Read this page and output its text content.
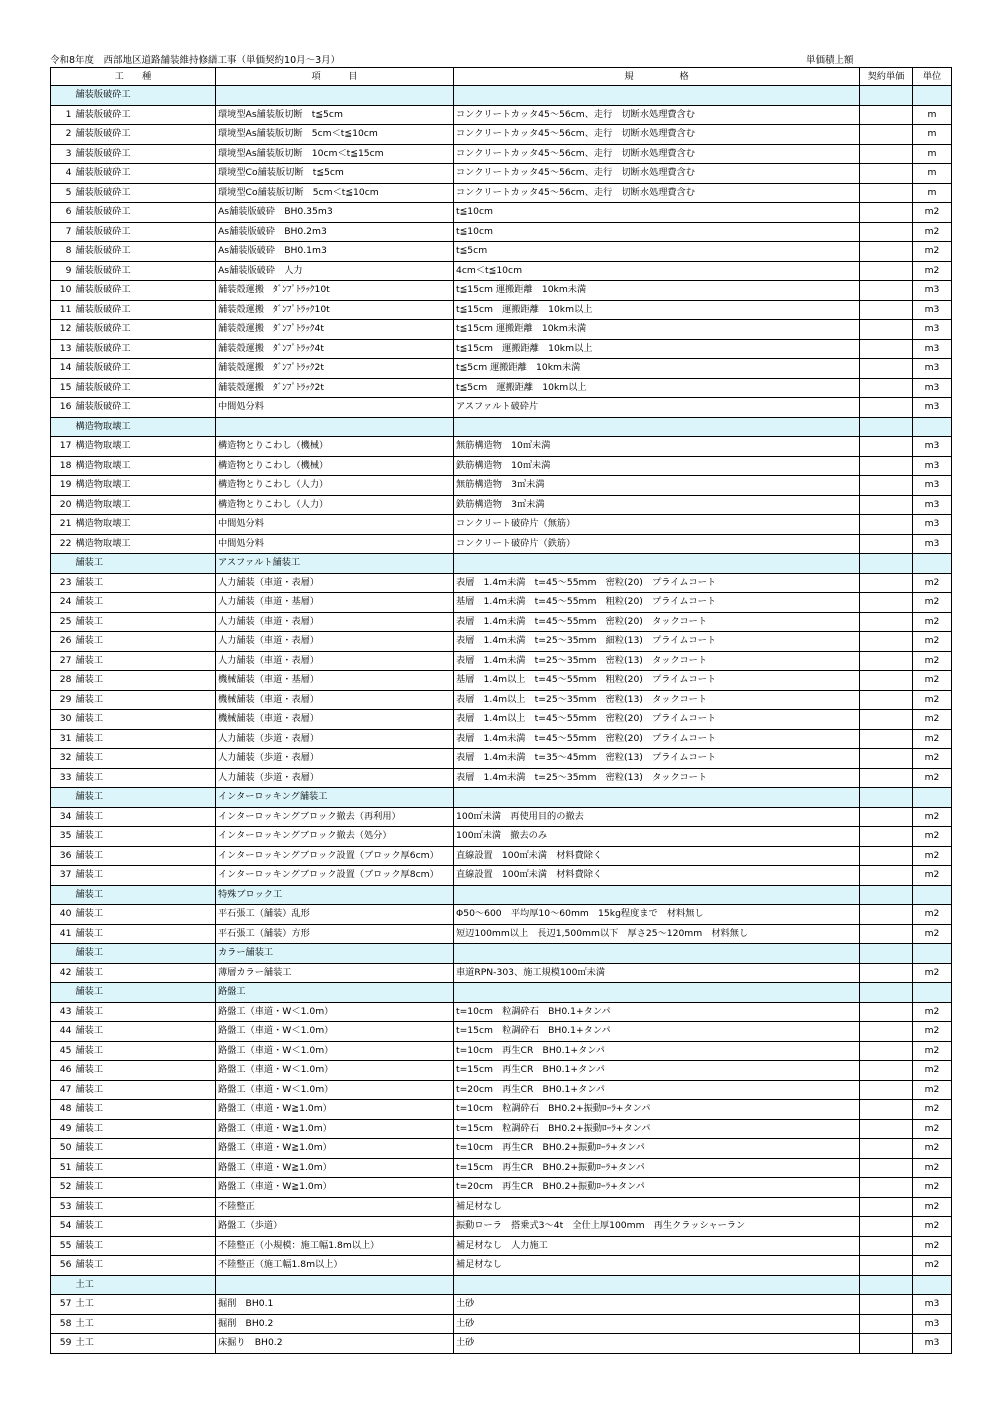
令和8年度　西部地区道路舗装維持修繕工事（単価契約10月～3月）	単価積上額
工　　種		項　　　目	規　　　　　格	契約単価	単位
	舗装版破砕工				
1	舗装版破砕工	環境型As舗装版切断　t≦5cm	コンクリートカッタ45～56cm、走行　切断水処理費含む		m
2	舗装版破砕工	環境型As舗装版切断　5cm＜t≦10cm	コンクリートカッタ45～56cm、走行　切断水処理費含む		m
3	舗装版破砕工	環境型As舗装版切断　10cm＜t≦15cm	コンクリートカッタ45～56cm、走行　切断水処理費含む		m
4	舗装版破砕工	環境型Co舗装版切断　t≦5cm	コンクリートカッタ45～56cm、走行　切断水処理費含む		m
5	舗装版破砕工	環境型Co舗装版切断　5cm＜t≦10cm	コンクリートカッタ45～56cm、走行　切断水処理費含む		m
6	舗装版破砕工	As舗装版破砕　BH0.35m3	t≦10cm		m2
7	舗装版破砕工	As舗装版破砕　BH0.2m3	t≦10cm		m2
8	舗装版破砕工	As舗装版破砕　BH0.1m3	t≦5cm		m2
9	舗装版破砕工	As舗装版破砕　人力	4cm＜t≦10cm		m2
10	舗装版破砕工	舗装殻運搬　ﾀﾞﾝﾌﾟﾄﾗｯｸ10t	t≦15cm 運搬距離　10km未満		m3
11	舗装版破砕工	舗装殻運搬　ﾀﾞﾝﾌﾟﾄﾗｯｸ10t	t≦15cm　運搬距離　10km以上		m3
12	舗装版破砕工	舗装殻運搬　ﾀﾞﾝﾌﾟﾄﾗｯｸ4t	t≦15cm 運搬距離　10km未満		m3
13	舗装版破砕工	舗装殻運搬　ﾀﾞﾝﾌﾟﾄﾗｯｸ4t	t≦15cm　運搬距離　10km以上		m3
14	舗装版破砕工	舗装殻運搬　ﾀﾞﾝﾌﾟﾄﾗｯｸ2t	t≦5cm 運搬距離　10km未満		m3
15	舗装版破砕工	舗装殻運搬　ﾀﾞﾝﾌﾟﾄﾗｯｸ2t	t≦5cm　運搬距離　10km以上		m3
16	舗装版破砕工	中間処分料	アスファルト破砕片		m3
	構造物取壊工				
17	構造物取壊工	構造物とりこわし（機械）	無筋構造物　10㎥未満		m3
18	構造物取壊工	構造物とりこわし（機械）	鉄筋構造物　10㎥未満		m3
19	構造物取壊工	構造物とりこわし（人力）	無筋構造物　3㎥未満		m3
20	構造物取壊工	構造物とりこわし（人力）	鉄筋構造物　3㎥未満		m3
21	構造物取壊工	中間処分料	コンクリート破砕片（無筋）		m3
22	構造物取壊工	中間処分料	コンクリート破砕片（鉄筋）		m3
	舗装工	アスファルト舗装工			
23	舗装工	人力舗装（車道・表層）	表層　1.4m未満　t=45～55mm　密粒(20)　プライムコート		m2
24	舗装工	人力舗装（車道・基層）	基層　1.4m未満　t=45～55mm　粗粒(20)　プライムコート		m2
25	舗装工	人力舗装（車道・表層）	表層　1.4m未満　t=45～55mm　密粒(20)　タックコート		m2
26	舗装工	人力舗装（車道・表層）	表層　1.4m未満　t=25～35mm　細粒(13)　プライムコート		m2
27	舗装工	人力舗装（車道・表層）	表層　1.4m未満　t=25～35mm　密粒(13)　タックコート		m2
28	舗装工	機械舗装（車道・基層）	基層　1.4m以上　t=45～55mm　粗粒(20)　プライムコート		m2
29	舗装工	機械舗装（車道・表層）	表層　1.4m以上　t=25～35mm　密粒(13)　タックコート		m2
30	舗装工	機械舗装（車道・表層）	表層　1.4m以上　t=45～55mm　密粒(20)　プライムコート		m2
31	舗装工	人力舗装（歩道・表層）	表層　1.4m未満　t=45～55mm　密粒(20)　プライムコート		m2
32	舗装工	人力舗装（歩道・表層）	表層　1.4m未満　t=35～45mm　密粒(13)　プライムコート		m2
33	舗装工	人力舗装（歩道・表層）	表層　1.4m未満　t=25～35mm　密粒(13)　タックコート		m2
	舗装工	インターロッキング舗装工			
34	舗装工	インターロッキングブロック撤去（再利用）	100㎡未満　再使用目的の撤去		m2
35	舗装工	インターロッキングブロック撤去（処分）	100㎡未満　撤去のみ		m2
36	舗装工	インターロッキングブロック設置（ブロック厚6cm）	直線設置　100㎡未満　材料費除く		m2
37	舗装工	インターロッキングブロック設置（ブロック厚8cm）	直線設置　100㎡未満　材料費除く		m2
	舗装工	特殊ブロック工			
40	舗装工	平石張工（舗装）乱形	Φ50～600　平均厚10～60mm　15kg程度まで　材料無し		m2
41	舗装工	平石張工（舗装）方形	短辺100mm以上　長辺1,500mm以下　厚さ25～120mm　材料無し		m2
	舗装工	カラー舗装工			
42	舗装工	薄層カラー舗装工	車道RPN-303、施工規模100㎡未満		m2
	舗装工	路盤工			
43	舗装工	路盤工（車道・W＜1.0m）	t=10cm　粒調砕石　BH0.1+タンパ		m2
44	舗装工	路盤工（車道・W＜1.0m）	t=15cm　粒調砕石　BH0.1+タンパ		m2
45	舗装工	路盤工（車道・W＜1.0m）	t=10cm　再生CR　BH0.1+タンパ		m2
46	舗装工	路盤工（車道・W＜1.0m）	t=15cm　再生CR　BH0.1+タンパ		m2
47	舗装工	路盤工（車道・W＜1.0m）	t=20cm　再生CR　BH0.1+タンパ		m2
48	舗装工	路盤工（車道・W≧1.0m）	t=10cm　粒調砕石　BH0.2+振動ﾛｰﾗ+タンパ		m2
49	舗装工	路盤工（車道・W≧1.0m）	t=15cm　粒調砕石　BH0.2+振動ﾛｰﾗ+タンパ		m2
50	舗装工	路盤工（車道・W≧1.0m）	t=10cm　再生CR　BH0.2+振動ﾛｰﾗ+タンパ		m2
51	舗装工	路盤工（車道・W≧1.0m）	t=15cm　再生CR　BH0.2+振動ﾛｰﾗ+タンパ		m2
52	舗装工	路盤工（車道・W≧1.0m）	t=20cm　再生CR　BH0.2+振動ﾛｰﾗ+タンパ		m2
53	舗装工	不陸整正	補足材なし		m2
54	舗装工	路盤工（歩道）	振動ローラ　搭乗式3～4t　全仕上厚100mm　再生クラッシャーラン		m2
55	舗装工	不陸整正（小規模：施工幅1.8m以上）	補足材なし　人力施工		m2
56	舗装工	不陸整正（施工幅1.8m以上）	補足材なし		m2
	土工				
57	土工	掘削　BH0.1	土砂		m3
58	土工	掘削　BH0.2	土砂		m3
59	土工	床掘り　BH0.2	土砂		m3
